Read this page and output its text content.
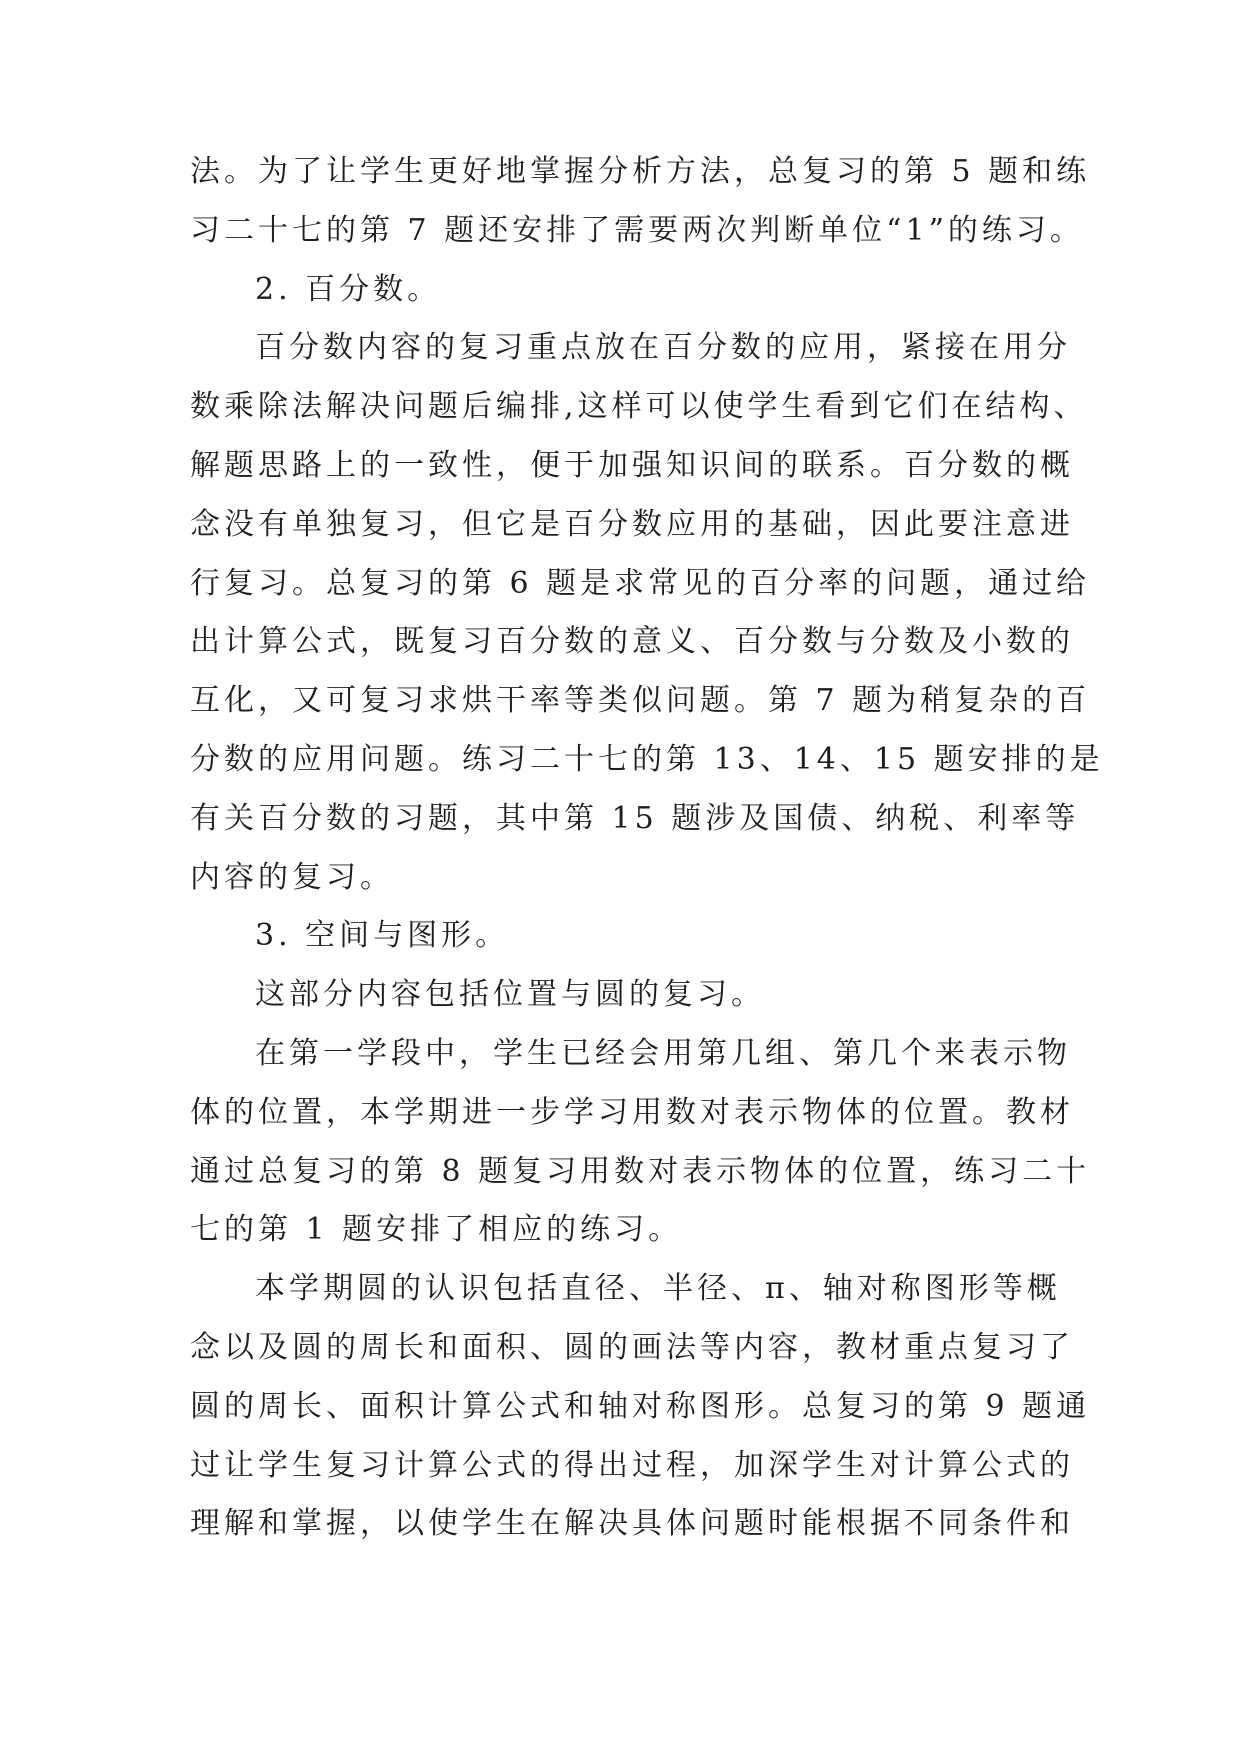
法。为了让学生更好地掌握分析方法，总复习的第 5 题和练
习二十七的第 7 题还安排了需要两次判断单位“1”的练习。
2. 百分数。
百分数内容的复习重点放在百分数的应用，紧接在用分
数乘除法解决问题后编排,这样可以使学生看到它们在结构、
解题思路上的一致性，便于加强知识间的联系。百分数的概
念没有单独复习，但它是百分数应用的基础，因此要注意进
行复习。总复习的第 6 题是求常见的百分率的问题，通过给
出计算公式，既复习百分数的意义、百分数与分数及小数的
互化，又可复习求烘干率等类似问题。第 7 题为稍复杂的百
分数的应用问题。练习二十七的第 13、14、15 题安排的是
有关百分数的习题，其中第 15 题涉及国债、纳税、利率等
内容的复习。
3. 空间与图形。
这部分内容包括位置与圆的复习。
在第一学段中，学生已经会用第几组、第几个来表示物
体的位置，本学期进一步学习用数对表示物体的位置。教材
通过总复习的第 8 题复习用数对表示物体的位置，练习二十
七的第 1 题安排了相应的练习。
本学期圆的认识包括直径、半径、π、轴对称图形等概
念以及圆的周长和面积、圆的画法等内容，教材重点复习了
圆的周长、面积计算公式和轴对称图形。总复习的第 9 题通
过让学生复习计算公式的得出过程，加深学生对计算公式的
理解和掌握，以使学生在解决具体问题时能根据不同条件和
